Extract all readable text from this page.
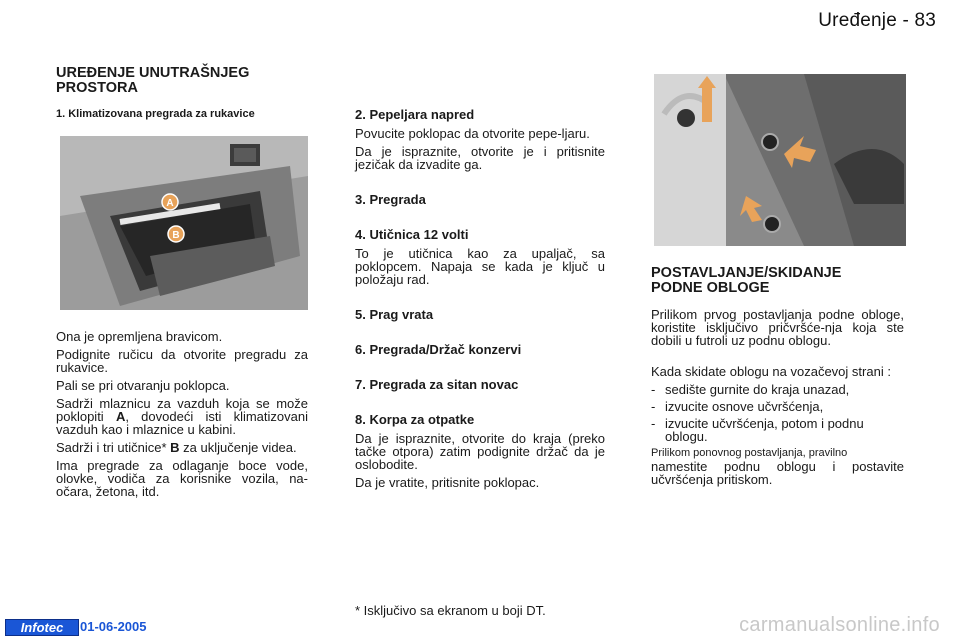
Uređenje - 83
UREĐENJE UNUTRAŠNJEG
PROSTORA
1. Klimatizovana pregrada za rukavice
A
B

Ona je opremljena bravicom.

Podignite ručicu da otvorite pregradu za rukavice.

Pali se pri otvaranju poklopca.

Sadrži mlaznicu za vazduh koja se može poklopiti A, dovodeći isti klimatizovani vazduh kao i mlaznice u kabini.

Sadrži i tri utičnice* B za uključenje videa.

Ima pregrade za odlaganje boce vode, olovke, vodiča za korisnike vozila, na-očara, žetona, itd.

2. Pepeljara napred

Povucite poklopac da otvorite pepe-ljaru.

Da je ispraznite, otvorite je i pritisnite jezičak da izvadite ga.

3. Pregrada

4. Utičnica 12 volti

To je utičnica kao za upaljač, sa poklopcem. Napaja se kada je ključ u položaju rad.

5. Prag vrata

6. Pregrada/Držač konzervi

7. Pregrada za sitan novac

8. Korpa za otpatke

Da je ispraznite, otvorite do kraja (preko tačke otpora) zatim podignite držač da je oslobodite.

Da je vratite, pritisnite poklopac.

POSTAVLJANJE/SKIDANJE
PODNE OBLOGE

Prilikom prvog postavljanja podne obloge, koristite isključivo pričvršće-nja koja ste dobili u futroli uz podnu oblogu.

Kada skidate oblogu na vozačevoj strani :

- sedište gurnite do kraja unazad,
- izvucite osnove učvršćenja,
- izvucite učvršćenja, potom i podnu oblogu.
Prilikom ponovnog postavljanja, pravilno

namestite podnu oblogu i postavite učvršćenja pritiskom.

* Isključivo sa ekranom u boji DT.
Infotec	01-06-2005	carmanualsonline.info
